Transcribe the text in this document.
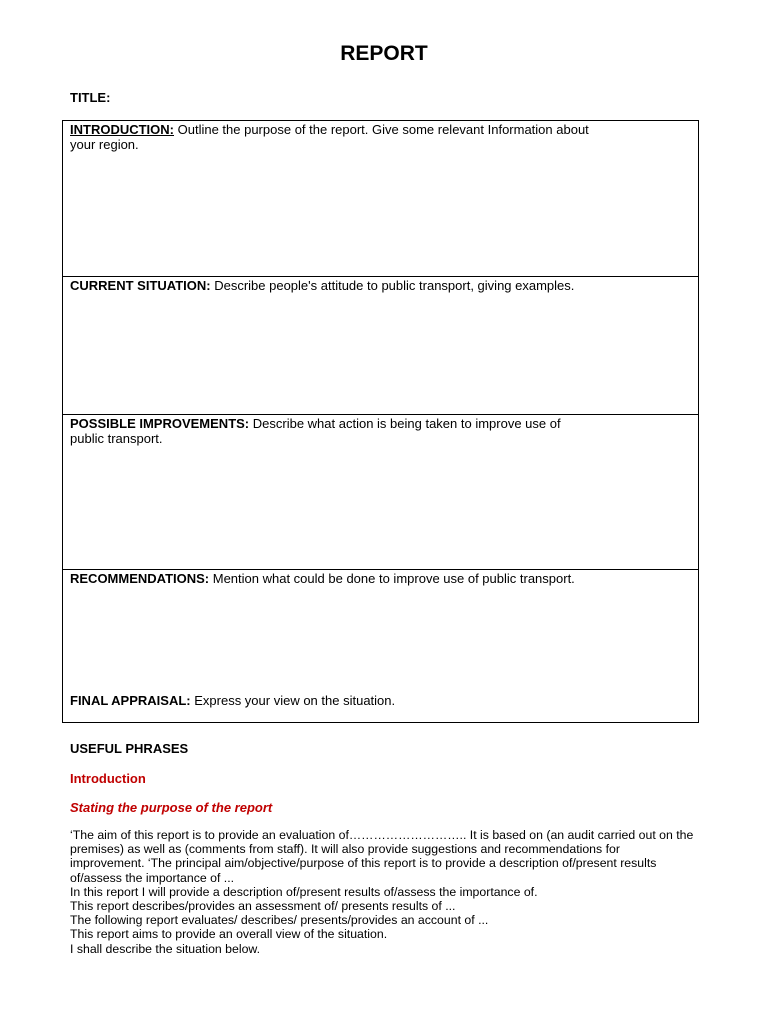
REPORT
TITLE:
INTRODUCTION: Outline the purpose of the report. Give some relevant Information about your region.
CURRENT SITUATION: Describe people's attitude to public transport, giving examples.
POSSIBLE IMPROVEMENTS: Describe what action is being taken to improve use of public transport.
RECOMMENDATIONS: Mention what could be done to improve use of public transport.
FINAL APPRAISAL: Express your view on the situation.
USEFUL PHRASES
Introduction
Stating the purpose of the report
‘The aim of this report is to provide an evaluation of……………………….. It is based on (an audit carried out on the premises) as well as (comments from staff). It will also provide suggestions and recommendations for improvement. ‘The principal aim/objective/purpose of this report is to provide a description of/present results of/assess the importance of ...
In this report I will provide a description of/present results of/assess the importance of.
This report describes/provides an assessment of/ presents results of ...
The following report evaluates/ describes/ presents/provides an account of ...
This report aims to provide an overall view of the situation.
I shall describe the situation below.
